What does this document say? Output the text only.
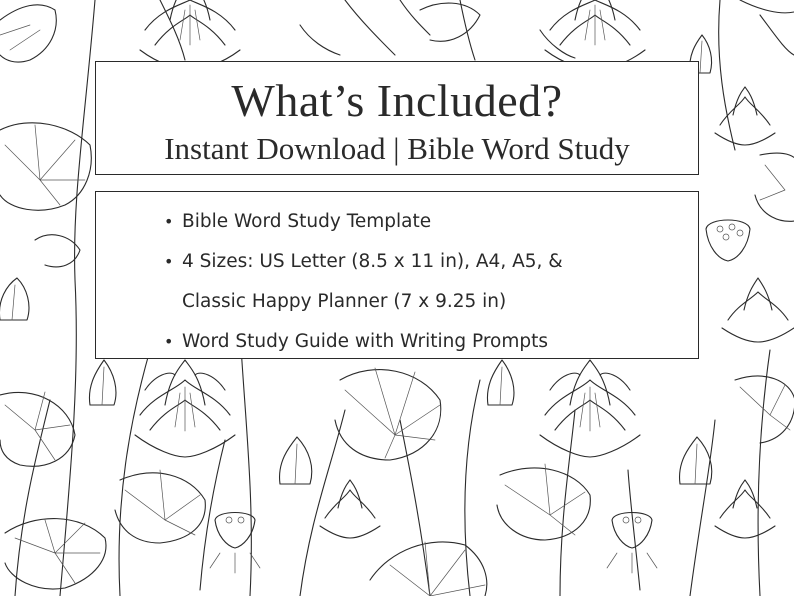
What’s Included?
Instant Download | Bible Word Study
• Bible Word Study Template
• 4 Sizes: US Letter (8.5 x 11 in), A4, A5, &
Classic Happy Planner (7 x 9.25 in)
• Word Study Guide with Writing Prompts
